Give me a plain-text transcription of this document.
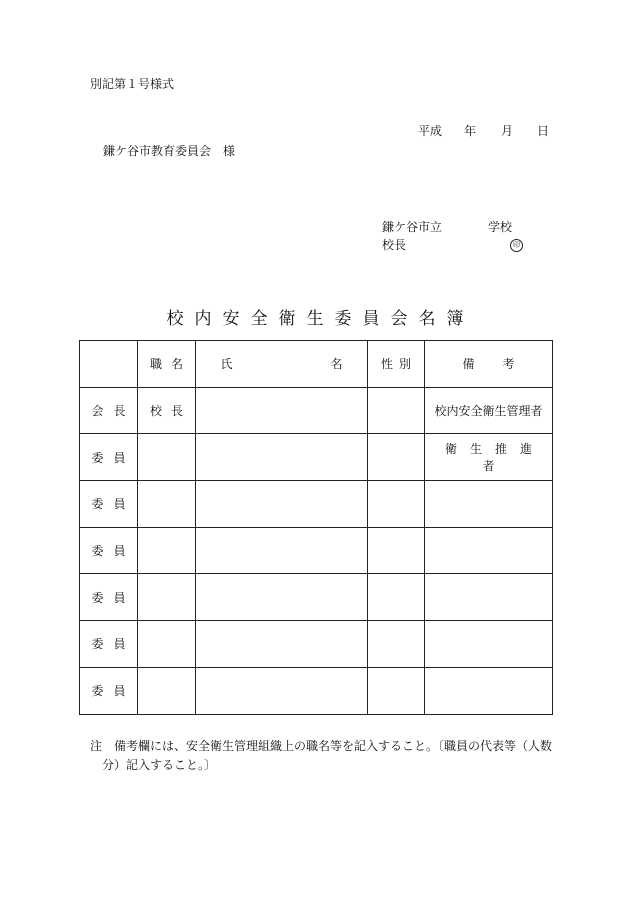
別記第１号様式
平成 年 月 日
鎌ケ谷市教育委員会　様
鎌ケ谷市立	学校
校長	印
校内安全衛生委員会名簿
	職名	氏 名	性別	備　考
会長	校長			校内安全衛生管理者
委員				衛生推進者
委員				
委員				
委員				
委員				
委員				
注 備考欄には、安全衛生管理組織上の職名等を記入すること。〔職員の代表等（人数
分）記入すること。〕
